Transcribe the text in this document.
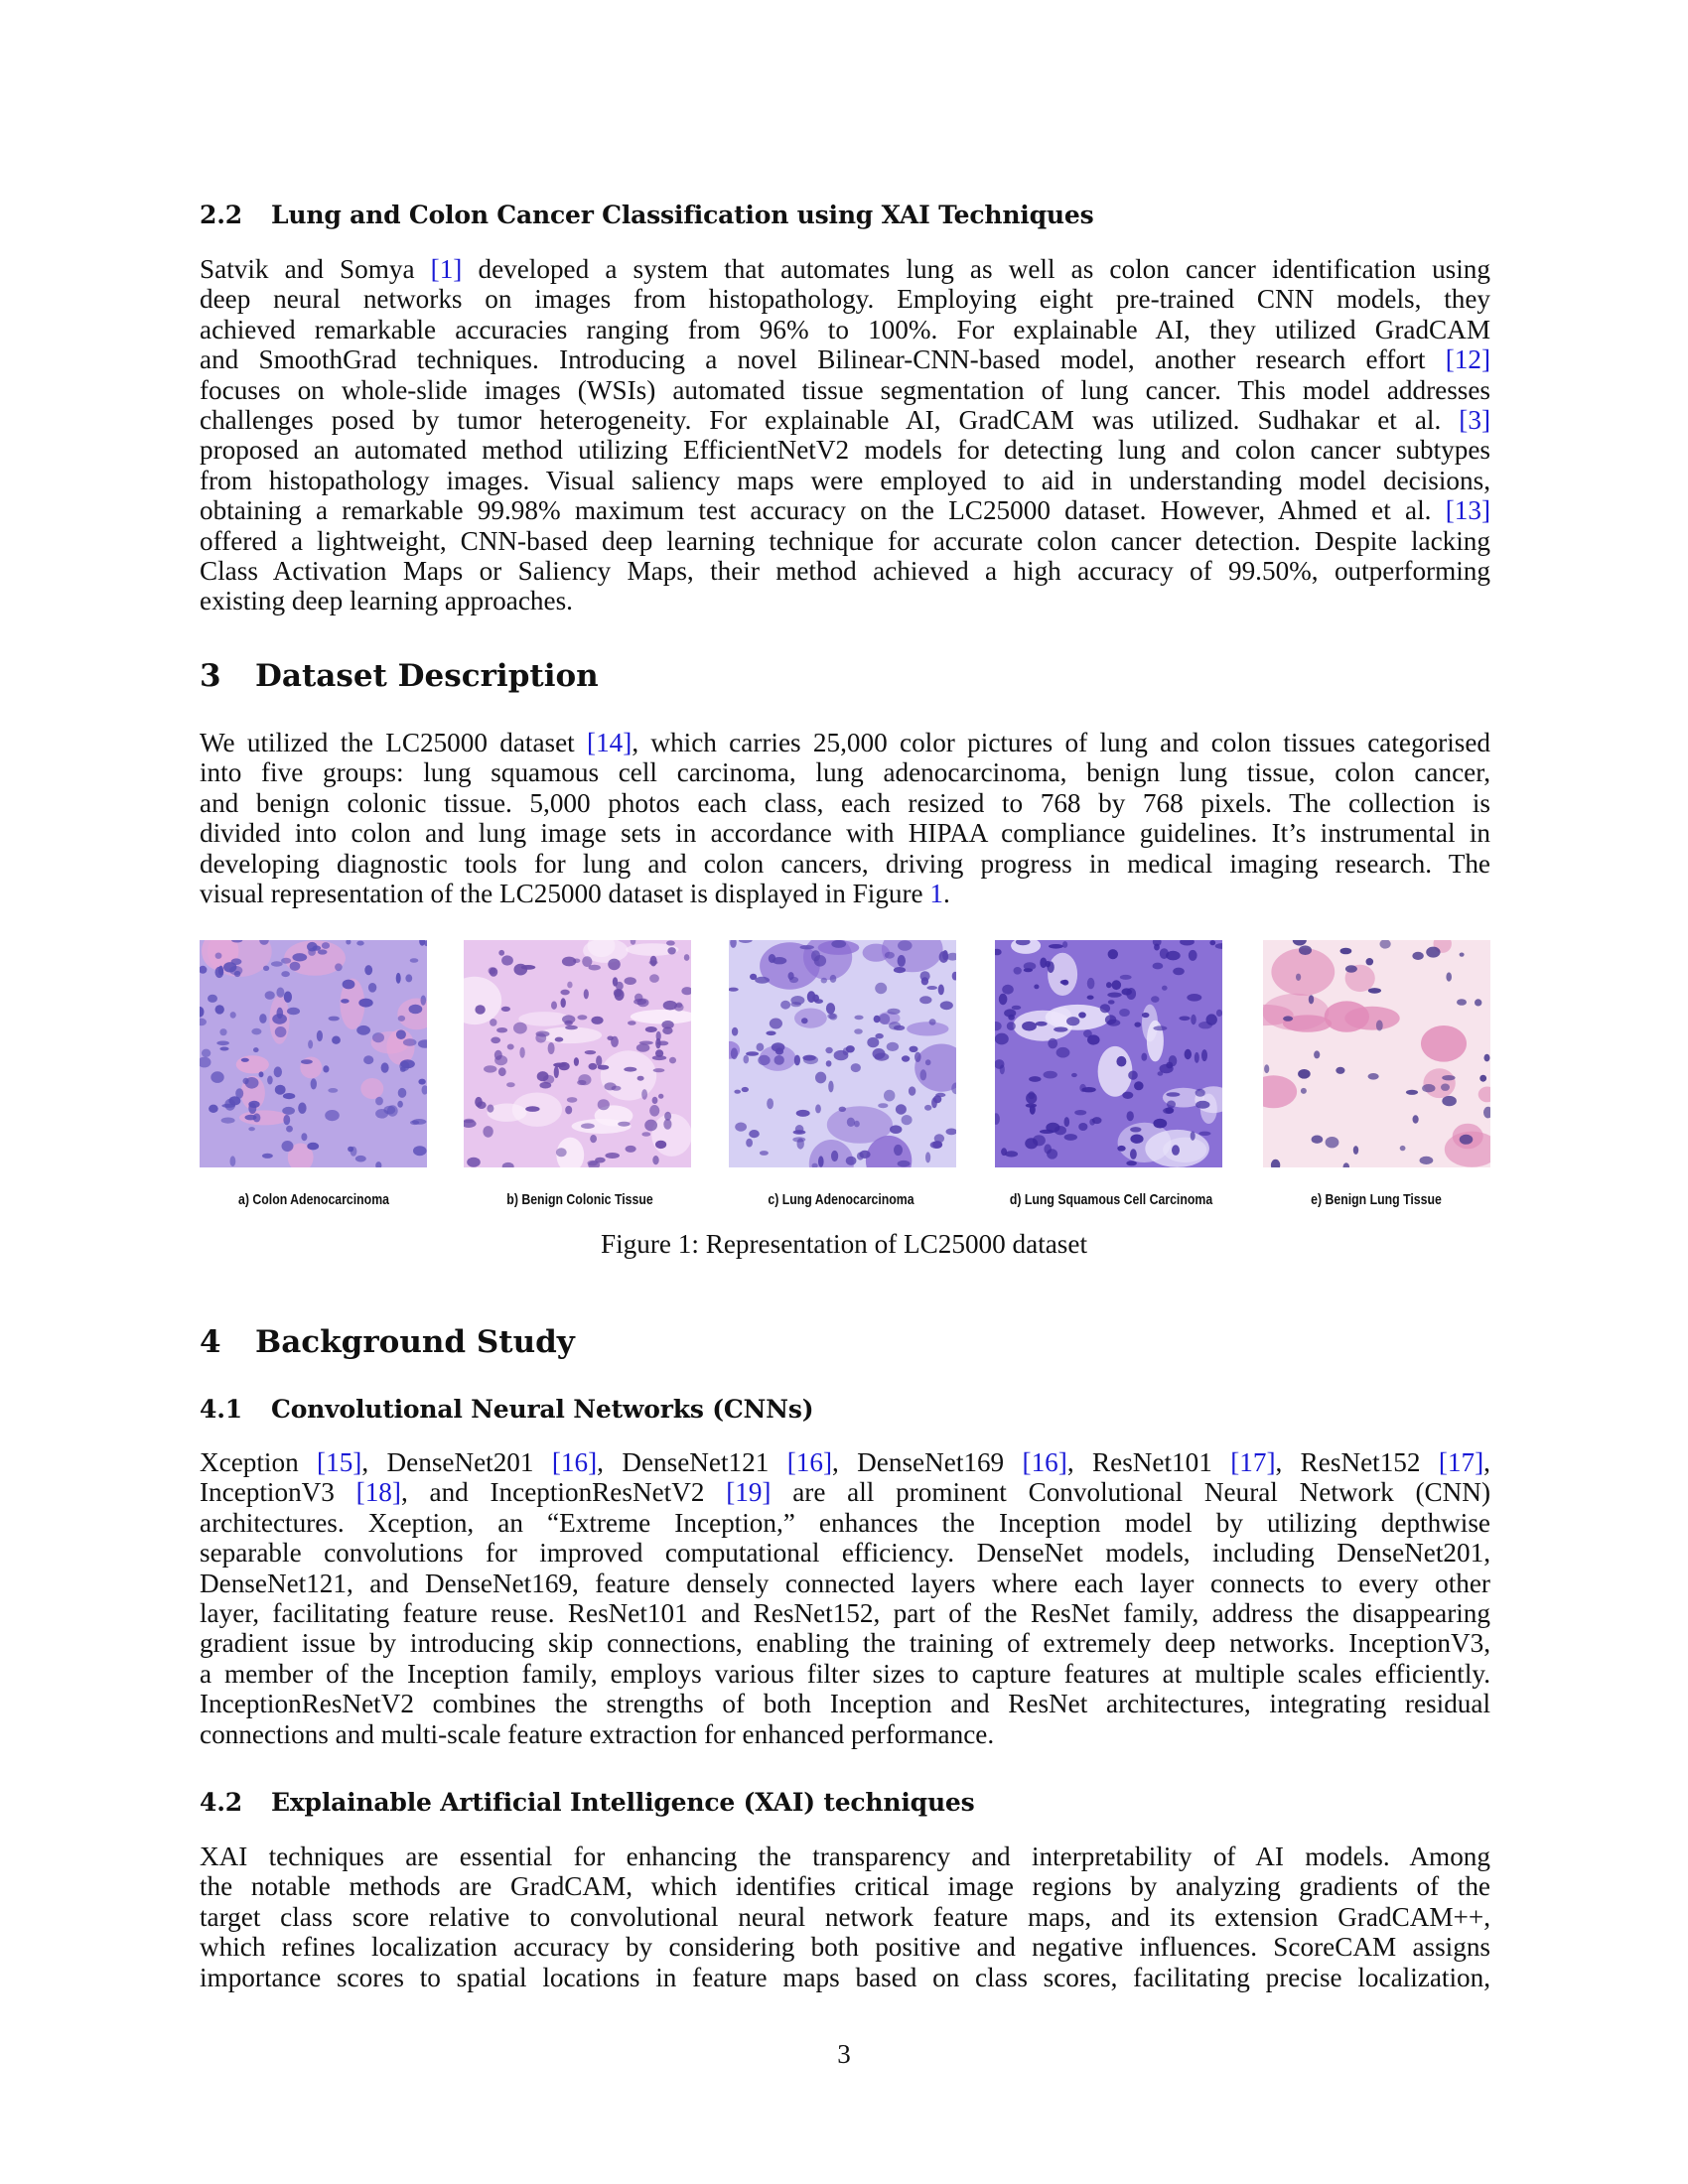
2.2 Lung and Colon Cancer Classification using XAI Techniques
Satvik and Somya [1] developed a system that automates lung as well as colon cancer identification using
deep neural networks on images from histopathology. Employing eight pre-trained CNN models, they
achieved remarkable accuracies ranging from 96% to 100%. For explainable AI, they utilized GradCAM
and SmoothGrad techniques. Introducing a novel Bilinear-CNN-based model, another research effort [12]
focuses on whole-slide images (WSIs) automated tissue segmentation of lung cancer. This model addresses
challenges posed by tumor heterogeneity. For explainable AI, GradCAM was utilized. Sudhakar et al. [3]
proposed an automated method utilizing EfficientNetV2 models for detecting lung and colon cancer subtypes
from histopathology images. Visual saliency maps were employed to aid in understanding model decisions,
obtaining a remarkable 99.98% maximum test accuracy on the LC25000 dataset. However, Ahmed et al. [13]
offered a lightweight, CNN-based deep learning technique for accurate colon cancer detection. Despite lacking
Class Activation Maps or Saliency Maps, their method achieved a high accuracy of 99.50%, outperforming
existing deep learning approaches.
3 Dataset Description
We utilized the LC25000 dataset [14], which carries 25,000 color pictures of lung and colon tissues categorised
into five groups: lung squamous cell carcinoma, lung adenocarcinoma, benign lung tissue, colon cancer,
and benign colonic tissue. 5,000 photos each class, each resized to 768 by 768 pixels. The collection is
divided into colon and lung image sets in accordance with HIPAA compliance guidelines. It’s instrumental in
developing diagnostic tools for lung and colon cancers, driving progress in medical imaging research. The
visual representation of the LC25000 dataset is displayed in Figure 1.
a) Colon Adenocarcinoma	b) Benign Colonic Tissue	c) Lung Adenocarcinoma	d) Lung Squamous Cell Carcinoma	e) Benign Lung Tissue
Figure 1: Representation of LC25000 dataset
4 Background Study
4.1 Convolutional Neural Networks (CNNs)
Xception [15], DenseNet201 [16], DenseNet121 [16], DenseNet169 [16], ResNet101 [17], ResNet152 [17],
InceptionV3 [18], and InceptionResNetV2 [19] are all prominent Convolutional Neural Network (CNN)
architectures. Xception, an “Extreme Inception,” enhances the Inception model by utilizing depthwise
separable convolutions for improved computational efficiency. DenseNet models, including DenseNet201,
DenseNet121, and DenseNet169, feature densely connected layers where each layer connects to every other
layer, facilitating feature reuse. ResNet101 and ResNet152, part of the ResNet family, address the disappearing
gradient issue by introducing skip connections, enabling the training of extremely deep networks. InceptionV3,
a member of the Inception family, employs various filter sizes to capture features at multiple scales efficiently.
InceptionResNetV2 combines the strengths of both Inception and ResNet architectures, integrating residual
connections and multi-scale feature extraction for enhanced performance.
4.2 Explainable Artificial Intelligence (XAI) techniques
XAI techniques are essential for enhancing the transparency and interpretability of AI models. Among
the notable methods are GradCAM, which identifies critical image regions by analyzing gradients of the
target class score relative to convolutional neural network feature maps, and its extension GradCAM++,
which refines localization accuracy by considering both positive and negative influences. ScoreCAM assigns
importance scores to spatial locations in feature maps based on class scores, facilitating precise localization,
3
